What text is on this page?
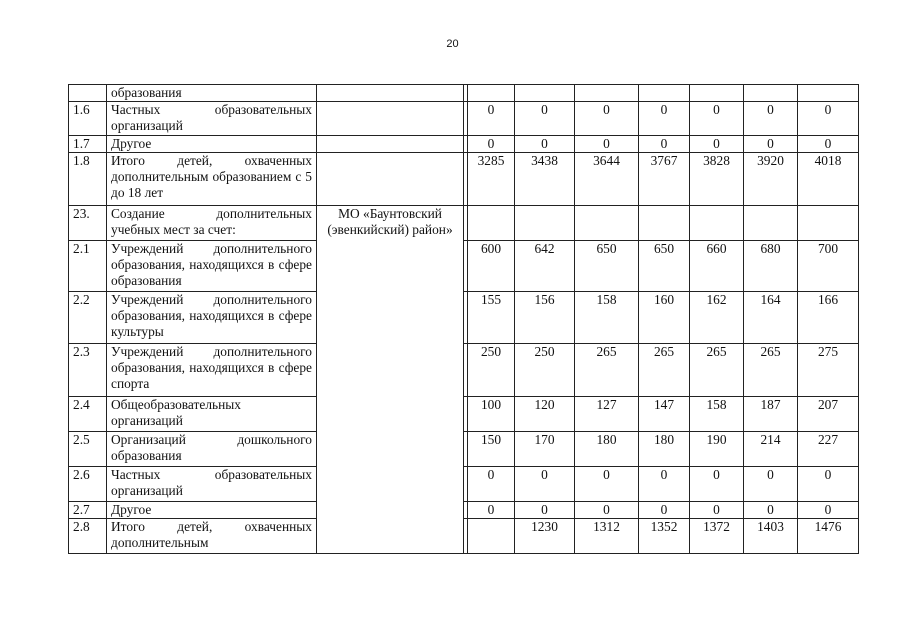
20
	образования										
1.6	Частных образовательных организаций			0	0	0	0	0	0	0	
1.7	Другое			0	0	0	0	0	0	0	
1.8	Итого детей, охваченных дополнительным образованием с 5 до 18 лет			3285	3438	3644	3767	3828	3920	4018	
23.	Создание дополнительных учебных мест за счет:	МО «Баунтовский (эвенкийский) район»									
2.1	Учреждений дополнительного образования, находящихся в сфере образования			600	642	650	650	660	680	700	
2.2	Учреждений дополнительного образования, находящихся в сфере культуры			155	156	158	160	162	164	166	
2.3	Учреждений дополнительного образования, находящихся в сфере спорта			250	250	265	265	265	265	275	
2.4	Общеобразовательных организаций			100	120	127	147	158	187	207	
2.5	Организаций дошкольного образования			150	170	180	180	190	214	227	
2.6	Частных образовательных организаций			0	0	0	0	0	0	0	
2.7	Другое			0	0	0	0	0	0	0	
2.8	Итого детей, охваченных дополнительным				1230	1312	1352	1372	1403	1476	
